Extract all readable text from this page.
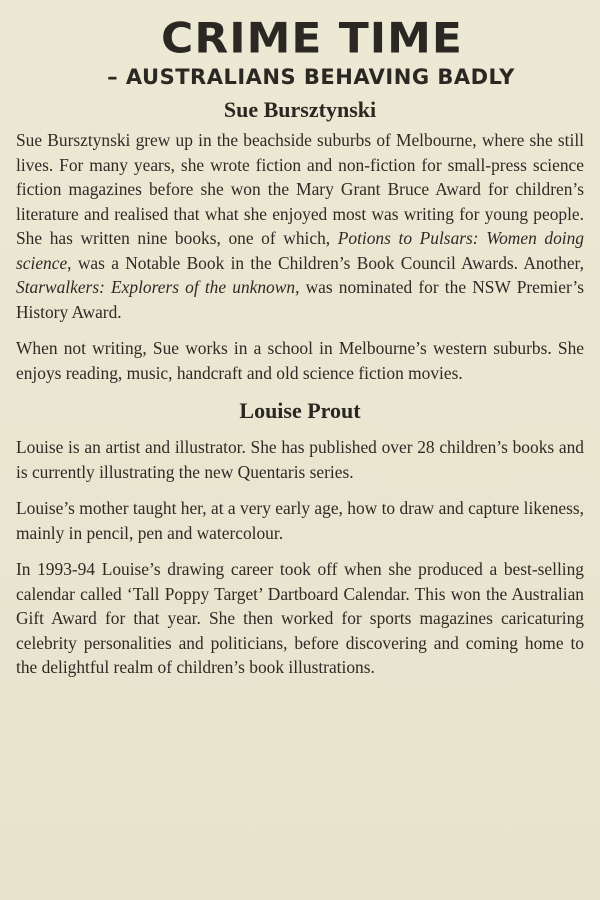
CRIME TIME
– AUSTRALIANS BEHAVING BADLY
Sue Bursztynski

Sue Bursztynski grew up in the beachside suburbs of Melbourne, where she still lives. For many years, she wrote fiction and non-fiction for small-press science fiction magazines before she won the Mary Grant Bruce Award for children’s literature and realised that what she enjoyed most was writing for young people. She has written nine books, one of which, Potions to Pulsars: Women doing science, was a Notable Book in the Children’s Book Council Awards. Another, Starwalkers: Explorers of the unknown, was nominated for the NSW Premier’s History Award.

When not writing, Sue works in a school in Melbourne’s western suburbs. She enjoys reading, music, handcraft and old science fiction movies.

Louise Prout

Louise is an artist and illustrator. She has published over 28 children’s books and is currently illustrating the new Quentaris series.

Louise’s mother taught her, at a very early age, how to draw and capture likeness, mainly in pencil, pen and watercolour.

In 1993-94 Louise’s drawing career took off when she produced a best-selling calendar called ‘Tall Poppy Target’ Dartboard Calendar. This won the Australian Gift Award for that year. She then worked for sports magazines caricaturing celebrity personalities and politicians, before discovering and coming home to the delightful realm of children’s book illustrations.
